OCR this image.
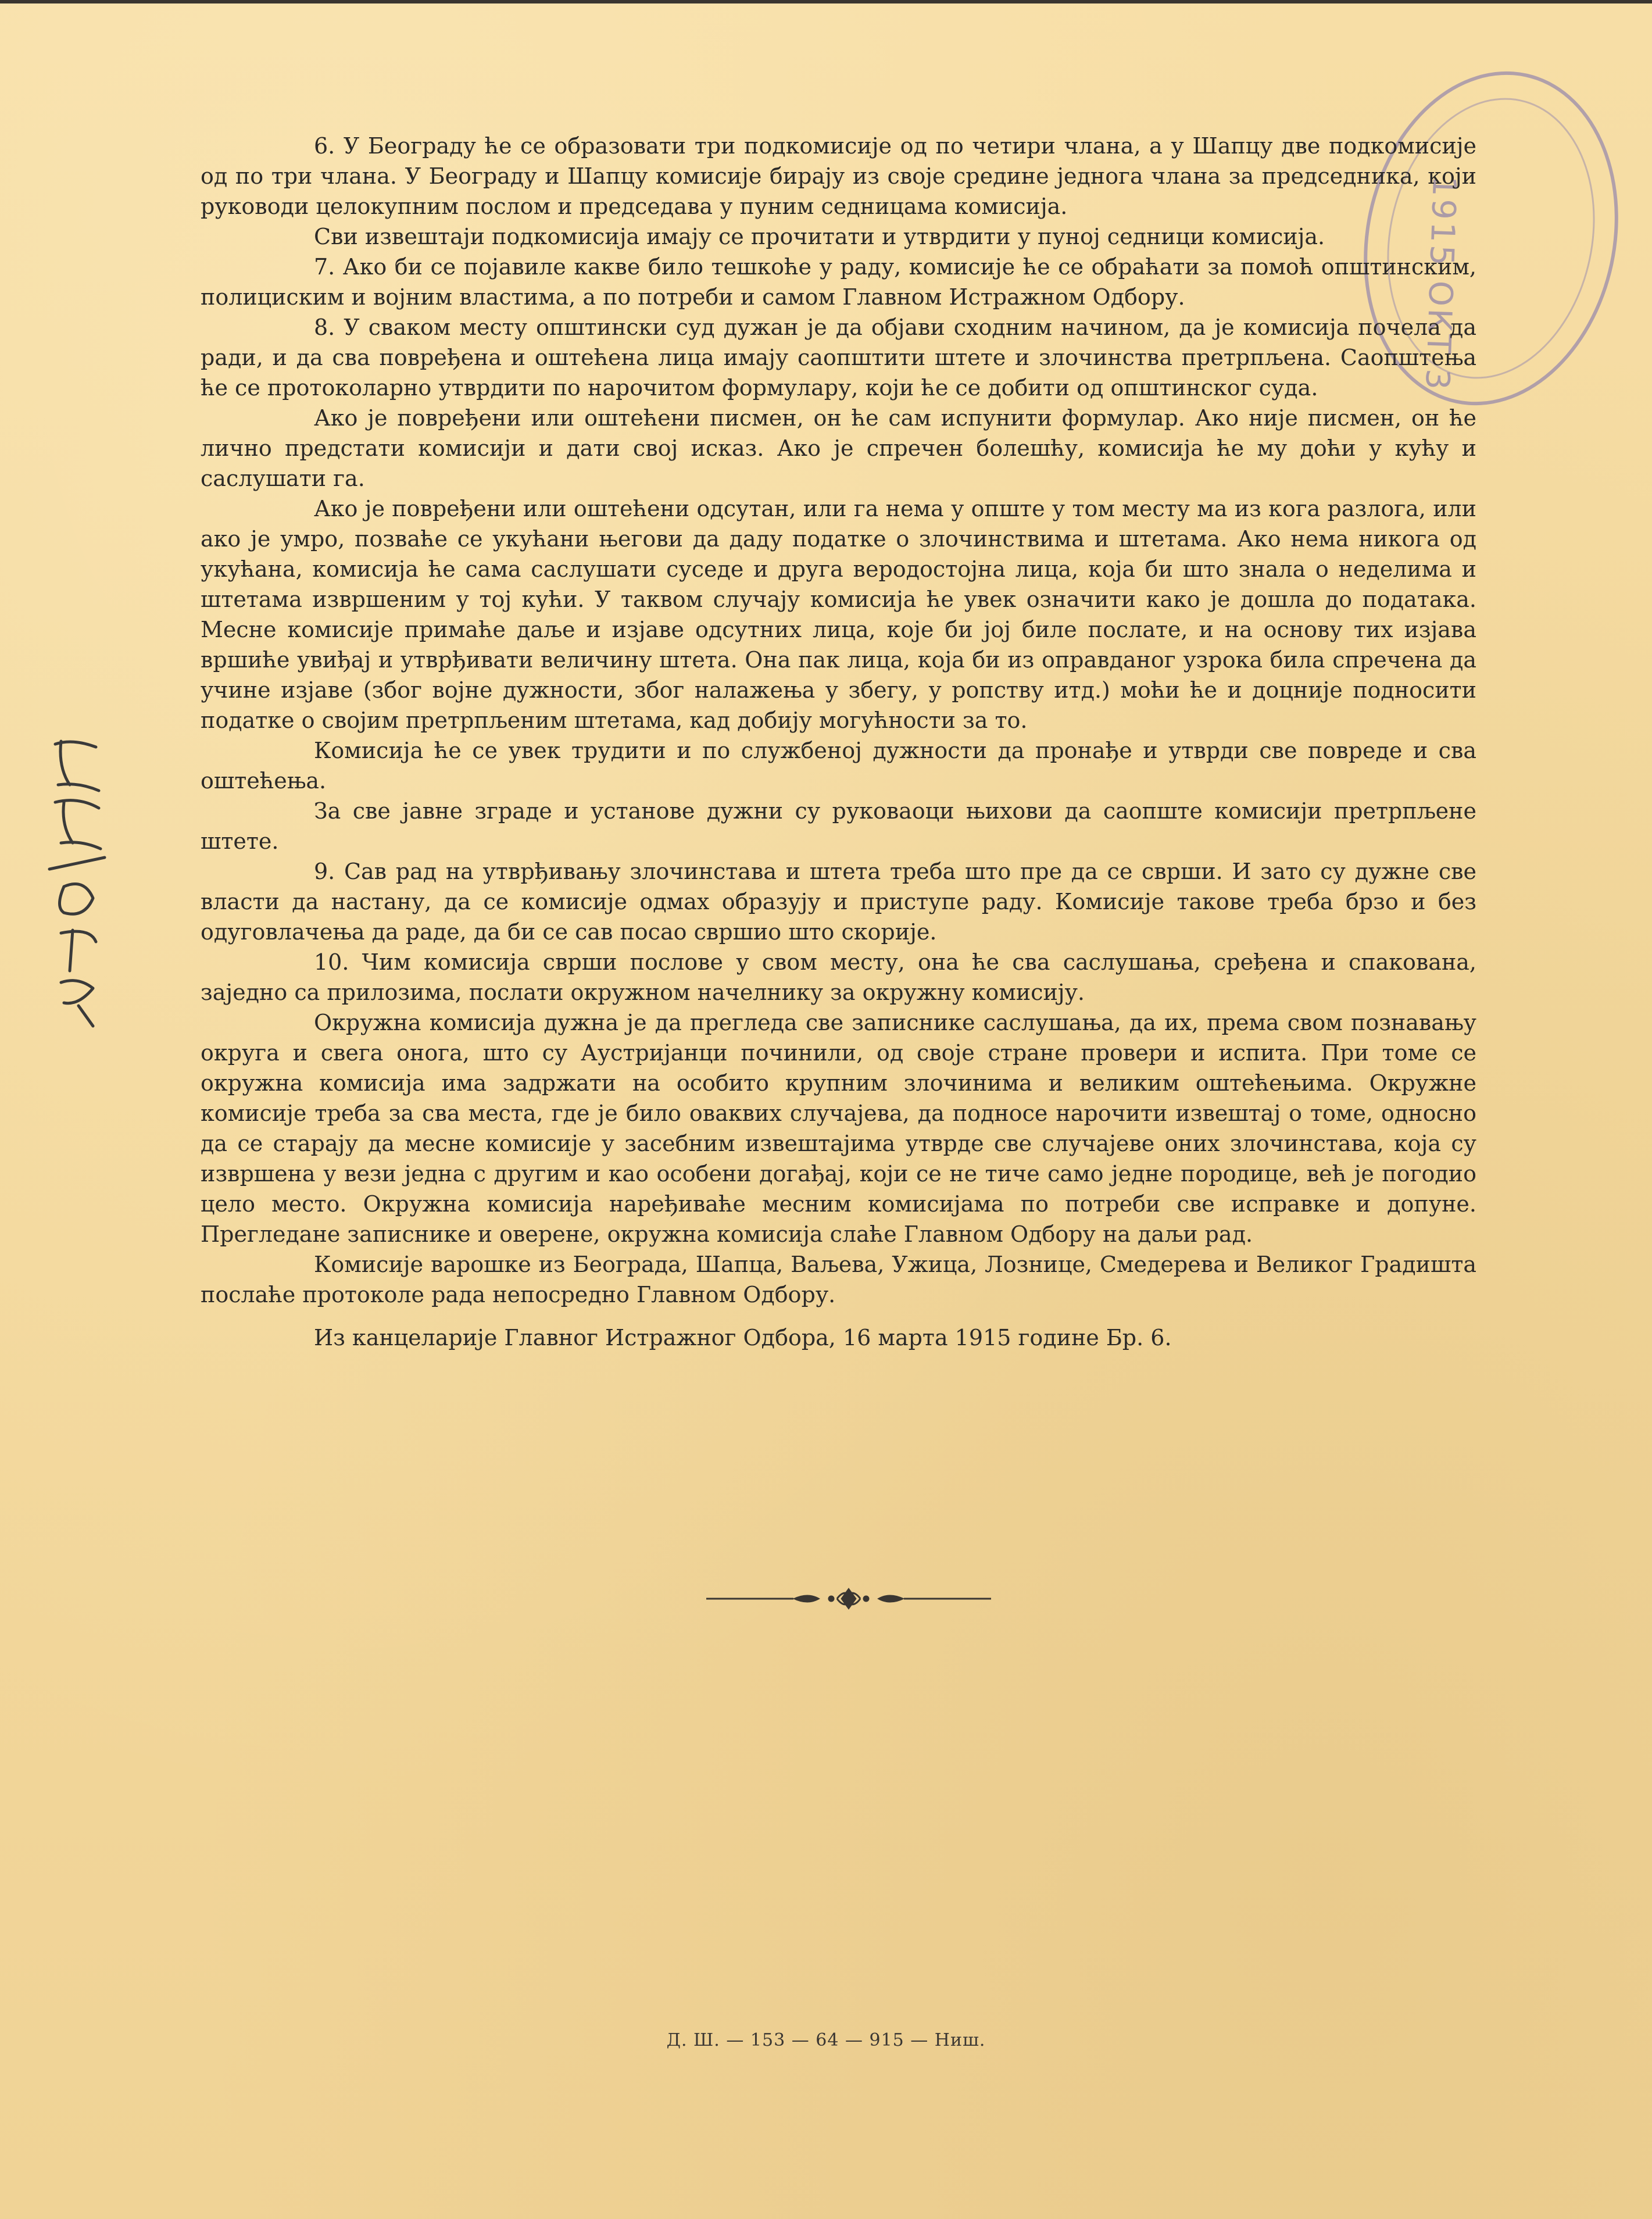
1915 ОКТ 3

6. У Београду ће се образовати три подкомисије од по четири члана, а у Шапцу две подкомисије од по три члана. У Београду и Шапцу комисије бирају из своје средине једнога члана за председника, који руководи целокупним послом и председава у пуним седницама комисија.

Сви извештаји подкомисија имају се прочитати и утврдити у пуној седници комисија.

7. Ако би се појавиле какве било тешкоће у раду, комисије ће се обраћати за помоћ општинским, полициским и војним властима, а по потреби и самом Главном Истражном Одбору.

8. У сваком месту општински суд дужан је да објави сходним начином, да је комисија почела да ради, и да сва повређена и оштећена лица имају саопштити штете и злочинства претрпљена. Саопштења ће се протоколарно утврдити по нарочитом формулару, који ће се добити од општинског суда.

Ако је повређени или оштећени писмен, он ће сам испунити формулар. Ако није писмен, он ће лично предстати комисији и дати свој исказ. Ако је спречен болешћу, комисија ће му доћи у кућу и саслушати га.

Ако је повређени или оштећени одсутан, или га нема у опште у том месту ма из кога разлога, или ако је умро, позваће се укућани његови да даду податке о злочинствима и штетама. Ако нема никога од укућана, комисија ће сама саслушати суседе и друга веродостојна лица, која би што знала о неделима и штетама извршеним у тој кући. У таквом случају комисија ће увек означити како је дошла до података. Месне комисије примаће даље и изјаве одсутних лица, које би јој биле послате, и на основу тих изјава вршиће увиђај и утврђивати величину штета. Она пак лица, која би из оправданог узрока била спречена да учине изјаве (због војне дужности, због налажења у збегу, у ропству итд.) моћи ће и доцније подносити податке о својим претрпљеним штетама, кад добију могућности за то.

Комисија ће се увек трудити и по службеној дужности да пронађе и утврди све повреде и сва оштећења.

За све јавне зграде и установе дужни су руковаоци њихови да саопште комисији претрпљене штете.

9. Сав рад на утврђивању злочинстава и штета треба што пре да се сврши. И зато су дужне све власти да настану, да се комисије одмах образују и приступе раду. Комисије такове треба брзо и без одуговлачења да раде, да би се сав посао свршио што скорије.

10. Чим комисија сврши послове у свом месту, она ће сва саслушања, сређена и спакована, заједно са прилозима, послати окружном начелнику за окружну комисију.

Окружна комисија дужна је да прегледа све записнике саслушања, да их, према свом познавању округа и свега онога, што су Аустријанци починили, од своје стране провери и испита. При томе се окружна комисија има задржати на особито крупним злочинима и великим оштећењима. Окружне комисије треба за сва места, где је било оваквих случајева, да подносе нарочити извештај о томе, односно да се старају да месне комисије у засебним извештајима утврде све случајеве оних злочинстава, која су извршена у вези једна с другим и као особени догађај, који се не тиче само једне породице, већ је погодио цело место. Окружна комисија наређиваће месним комисијама по потреби све исправке и допуне. Прегледане записнике и оверене, окружна комисија слаће Главном Одбору на даљи рад.

Комисије варошке из Београда, Шапца, Ваљева, Ужица, Лознице, Смедерева и Великог Градишта послаће протоколе рада непосредно Главном Одбору.

Из канцеларије Главног Истражног Одбора, 16 марта 1915 године Бр. 6.

Д. Ш. — 153 — 64 — 915 — Ниш.
